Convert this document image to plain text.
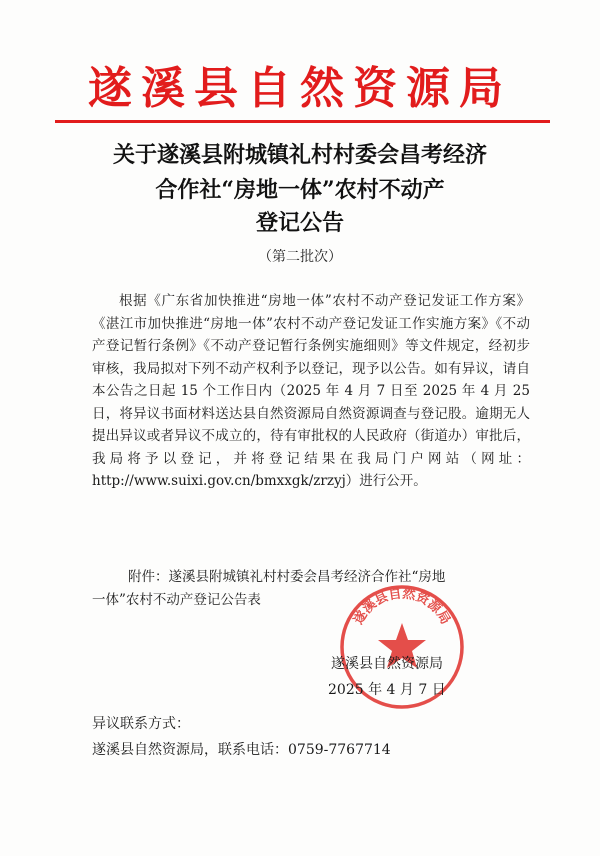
遂溪县自然资源局
关于遂溪县附城镇礼村村委会昌考经济
合作社“房地一体”农村不动产
登记公告
（第二批次）
根据《广东省加快推进“房地一体”农村不动产登记发证工作方案》《湛江市加快推进“房地一体”农村不动产登记发证工作实施方案》《不动产登记暂行条例》《不动产登记暂行条例实施细则》等文件规定，经初步审核，我局拟对下列不动产权利予以登记，现予以公告。如有异议，请自本公告之日起 15 个工作日内（2025 年 4 月 7 日至 2025 年 4 月 25 日，将异议书面材料送达县自然资源局自然资源调查与登记股。逾期无人提出异议或者异议不成立的，待有审批权的人民政府（街道办）审批后，我局将予以登记，并将登记结果在我局门户网站（网址：http://www.suixi.gov.cn/bmxxgk/zrzyj）进行公开。
附件：遂溪县附城镇礼村村委会昌考经济合作社“房地
一体”农村不动产登记公告表
遂溪县自然资源局
遂溪县自然资源局
2025 年 4 月 7 日
异议联系方式：
遂溪县自然资源局，联系电话：0759-7767714
